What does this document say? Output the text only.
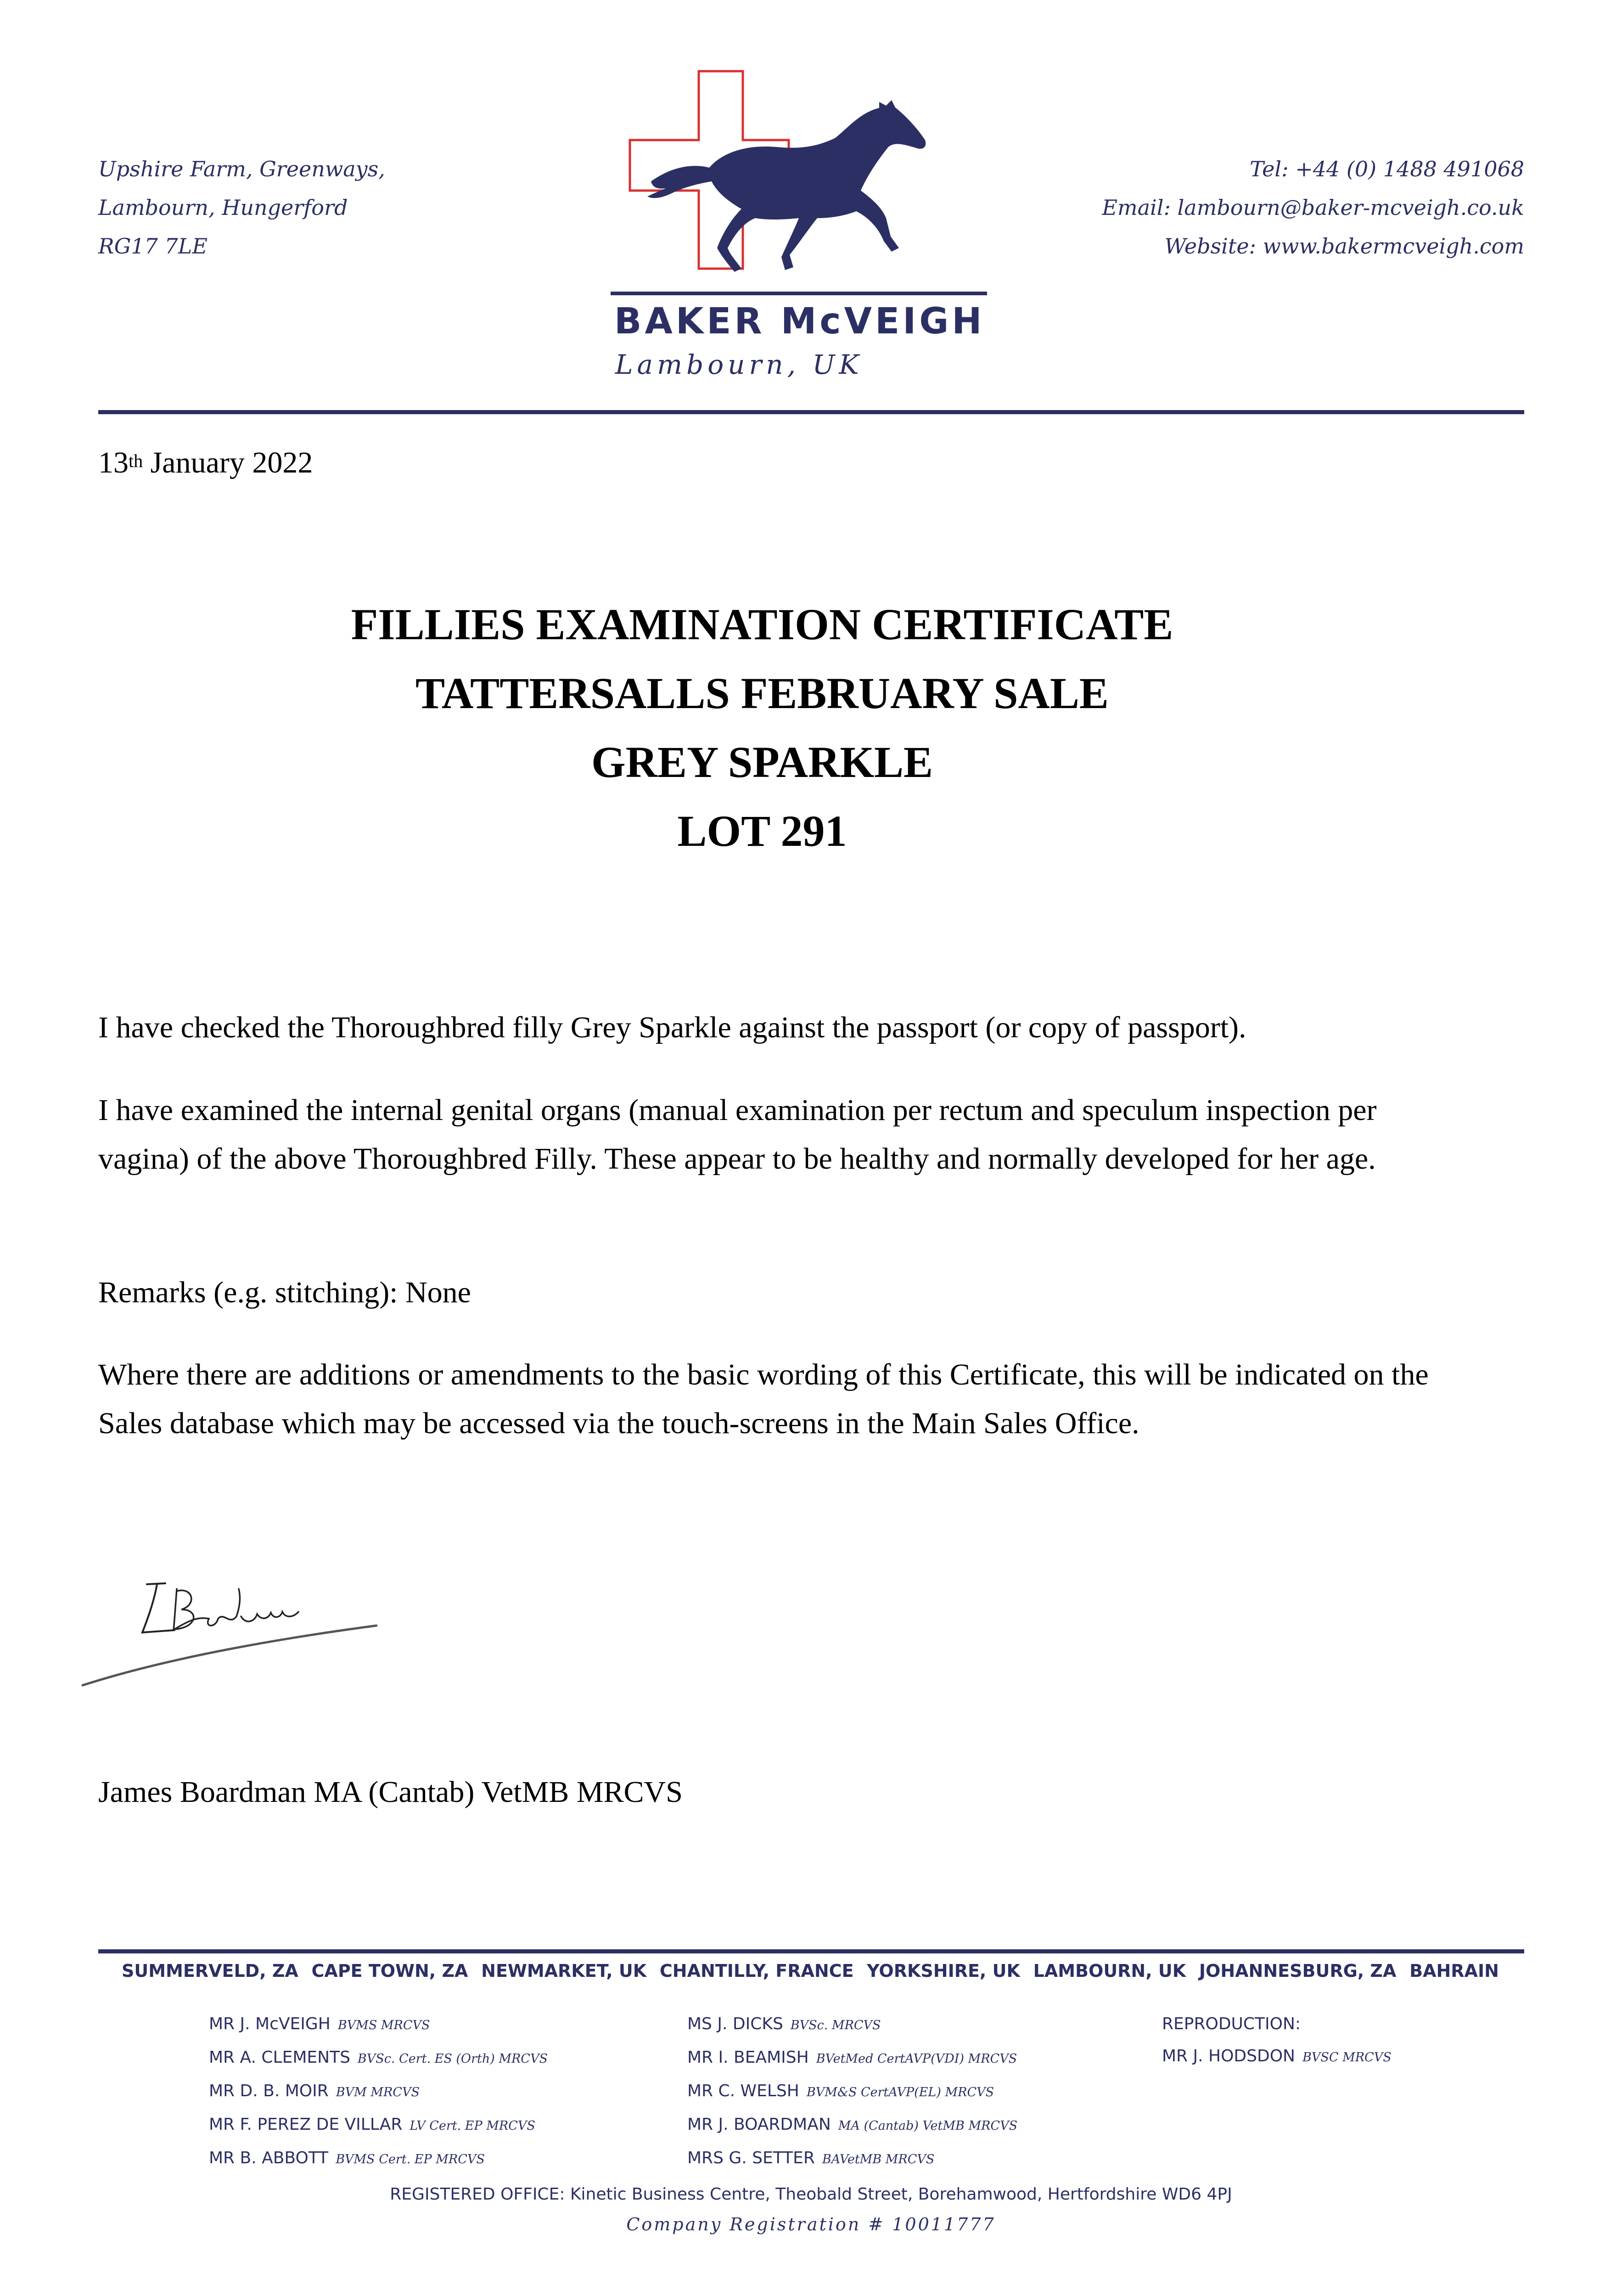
Upshire Farm, Greenways,
Lambourn, Hungerford
RG17 7LE
Tel: +44 (0) 1488 491068
Email: lambourn@baker-mcveigh.co.uk
Website: www.bakermcveigh.com
BAKER McVEIGH
Lambourn, UK
13th January 2022
FILLIES EXAMINATION CERTIFICATE
TATTERSALLS FEBRUARY SALE
GREY SPARKLE
LOT 291
I have checked the Thoroughbred filly Grey Sparkle against the passport (or copy of passport).
I have examined the internal genital organs (manual examination per rectum and speculum inspection per vagina) of the above Thoroughbred Filly. These appear to be healthy and normally developed for her age.
Remarks (e.g. stitching): None
Where there are additions or amendments to the basic wording of this Certificate, this will be indicated on the Sales database which may be accessed via the touch-screens in the Main Sales Office.
James Boardman MA (Cantab) VetMB MRCVS
SUMMERVELD, ZA CAPE TOWN, ZA NEWMARKET, UK CHANTILLY, FRANCE YORKSHIRE, UK LAMBOURN, UK JOHANNESBURG, ZA BAHRAIN
MR J. McVEIGH BVMS MRCVS
MR A. CLEMENTS BVSc. Cert. ES (Orth) MRCVS
MR D. B. MOIR BVM MRCVS
MR F. PEREZ DE VILLAR LV Cert. EP MRCVS
MR B. ABBOTT BVMS Cert. EP MRCVS
MS J. DICKS BVSc. MRCVS
MR I. BEAMISH BVetMed CertAVP(VDI) MRCVS
MR C. WELSH BVM&S CertAVP(EL) MRCVS
MR J. BOARDMAN MA (Cantab) VetMB MRCVS
MRS G. SETTER BAVetMB MRCVS
REPRODUCTION:
MR J. HODSDON BVSC MRCVS
REGISTERED OFFICE: Kinetic Business Centre, Theobald Street, Borehamwood, Hertfordshire WD6 4PJ
Company Registration # 10011777
